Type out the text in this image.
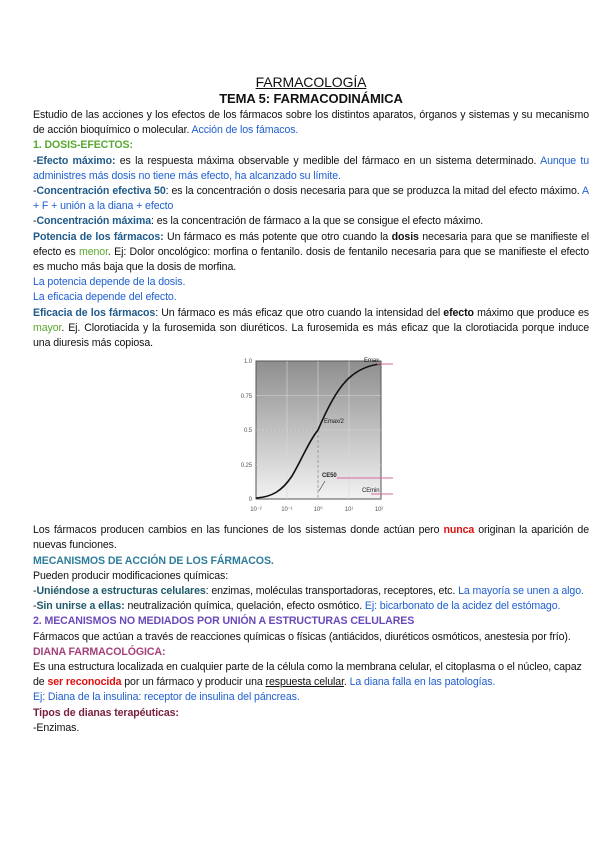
FARMACOLOGÍA

TEMA 5: FARMACODINÁMICA

Estudio de las acciones y los efectos de los fármacos sobre los distintos aparatos, órganos y sistemas y su mecanismo de acción bioquímico o molecular. Acción de los fámacos.

1. DOSIS-EFECTOS:

-Efecto máximo: es la respuesta máxima observable y medible del fármaco en un sistema determinado. Aunque tu administres más dosis no tiene más efecto, ha alcanzado su límite.

-Concentración efectiva 50: es la concentración o dosis necesaria para que se produzca la mitad del efecto máximo. A + F + unión a la diana + efecto

-Concentración máxima: es la concentración de fármaco a la que se consigue el efecto máximo.

Potencia de los fármacos: Un fármaco es más potente que otro cuando la dosis necesaria para que se manifieste el efecto es menor. Ej: Dolor oncológico: morfina o fentanilo. dosis de fentanilo necesaria para que se manifieste el efecto es mucho más baja que la dosis de morfina.

La potencia depende de la dosis.

La eficacia depende del efecto.

Eficacia de los fármacos: Un fármaco es más eficaz que otro cuando la intensidad del efecto máximo que produce es mayor. Ej. Clorotiacida y la furosemida son diuréticos. La furosemida es más eficaz que la clorotiacida porque induce una diuresis más copiosa.

1.0
0.75
0.5
0.25
0
10⁻²	10⁻¹	10⁰	10¹	10²
Emax
Emax/2
CE50
CEmin

Los fármacos producen cambios en las funciones de los sistemas donde actúan pero nunca originan la aparición de nuevas funciones.

MECANISMOS DE ACCIÓN DE LOS FÁRMACOS.

Pueden producir modificaciones químicas:

-Uniéndose a estructuras celulares: enzimas, moléculas transportadoras, receptores, etc. La mayoría se unen a algo.

-Sin unirse a ellas: neutralización química, quelación, efecto osmótico. Ej: bicarbonato de la acidez del estómago.

2. MECANISMOS NO MEDIADOS POR UNIÓN A ESTRUCTURAS CELULARES

Fármacos que actúan a través de reacciones químicas o físicas (antiácidos, diuréticos osmóticos, anestesia por frío).

DIANA FARMACOLÓGICA:

Es una estructura localizada en cualquier parte de la célula como la membrana celular, el citoplasma o el núcleo, capaz de ser reconocida por un fármaco y producir una respuesta celular. La diana falla en las patologías.

Ej: Diana de la insulina: receptor de insulina del páncreas.

Tipos de dianas terapéuticas:

-Enzimas.
